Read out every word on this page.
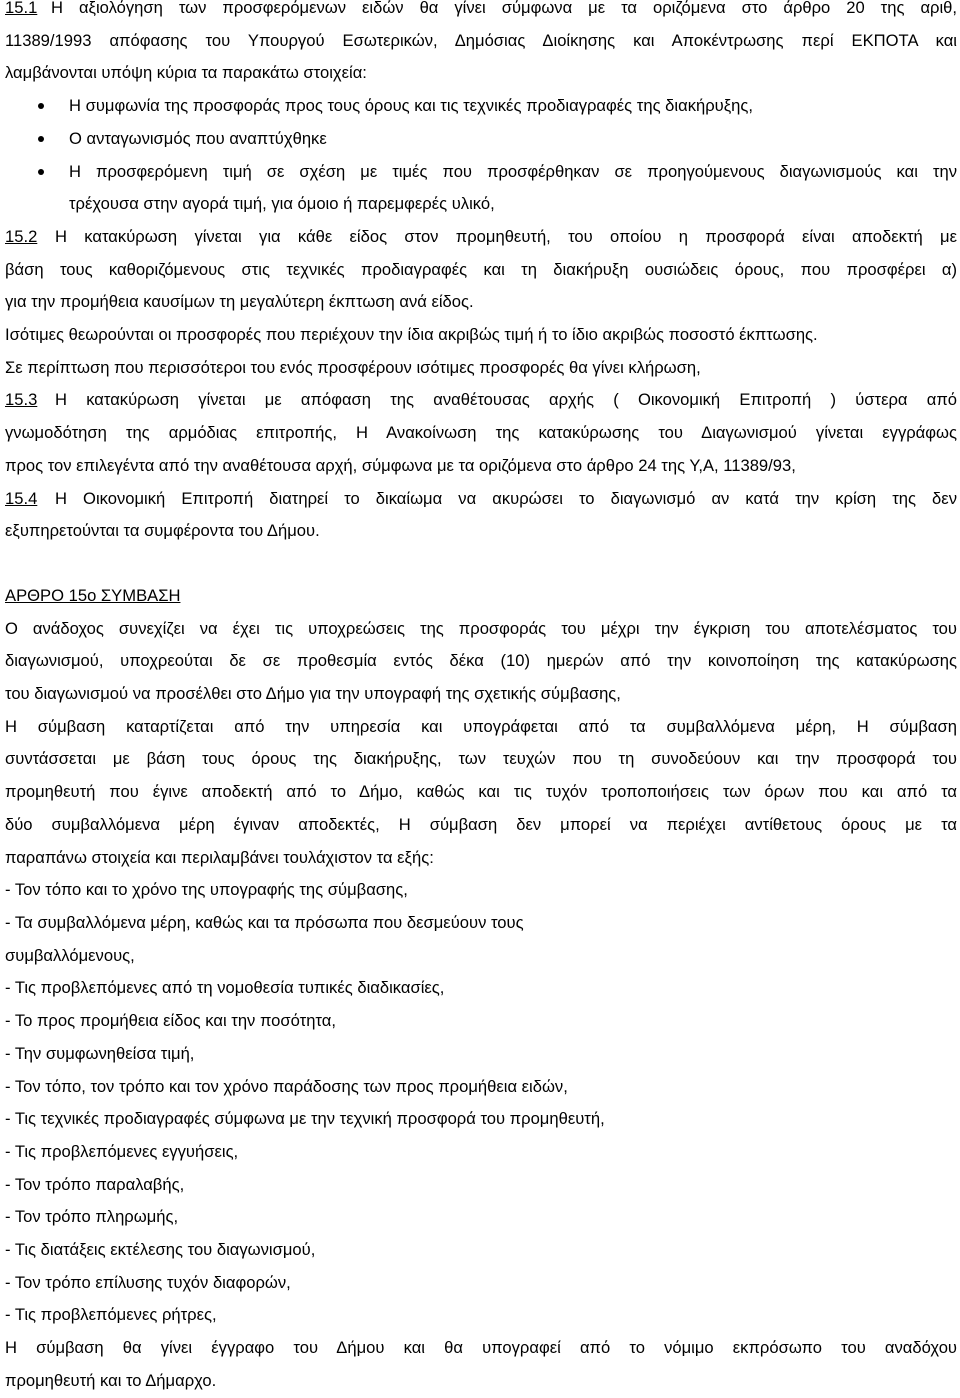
15.1 Η αξιολόγηση των προσφερόμενων ειδών θα γίνει σύμφωνα με τα οριζόμενα στο άρθρο 20 της αριθ,

11389/1993 απόφασης του Υπουργού Εσωτερικών, Δημόσιας Διοίκησης και Αποκέντρωσης περί ΕΚΠΟΤΑ και

λαμβάνονται υπόψη κύρια τα παρακάτω στοιχεία:

Η συμφωνία της προσφοράς προς τους όρους και τις τεχνικές προδιαγραφές της διακήρυξης,

Ο ανταγωνισμός που αναπτύχθηκε

Η προσφερόμενη τιμή σε σχέση με τιμές που προσφέρθηκαν σε προηγούμενους διαγωνισμούς και την

τρέχουσα στην αγορά τιμή, για όμοιο ή παρεμφερές υλικό,

15.2 Η κατακύρωση γίνεται για κάθε είδος στον προμηθευτή, του οποίου η προσφορά είναι αποδεκτή με

βάση τους καθοριζόμενους στις τεχνικές προδιαγραφές και τη διακήρυξη ουσιώδεις όρους, που προσφέρει α)

για την προμήθεια καυσίμων τη μεγαλύτερη έκπτωση ανά είδος.

Ισότιμες θεωρούνται οι προσφορές που περιέχουν την ίδια ακριβώς τιμή ή το ίδιο ακριβώς ποσοστό έκπτωσης.

Σε περίπτωση που περισσότεροι του ενός προσφέρουν ισότιμες προσφορές θα γίνει κλήρωση,

15.3 Η κατακύρωση γίνεται με απόφαση της αναθέτουσας αρχής ( Οικονομική Επιτροπή ) ύστερα από

γνωμοδότηση της αρμόδιας επιτροπής, Η Ανακοίνωση της κατακύρωσης του Διαγωνισμού γίνεται εγγράφως

προς τον επιλεγέντα από την αναθέτουσα αρχή, σύμφωνα με τα οριζόμενα στο άρθρο 24 της Υ,Α, 11389/93,

15.4 Η Οικονομική Επιτροπή διατηρεί το δικαίωμα να ακυρώσει το διαγωνισμό αν κατά την κρίση της δεν

εξυπηρετούνται τα συμφέροντα του Δήμου.

ΑΡΘΡΟ 15ο ΣΥΜΒΑΣΗ

Ο ανάδοχος συνεχίζει να έχει τις υποχρεώσεις της προσφοράς του μέχρι την έγκριση του αποτελέσματος του

διαγωνισμού, υποχρεούται δε σε προθεσμία εντός δέκα (10) ημερών από την κοινοποίηση της κατακύρωσης

του διαγωνισμού να προσέλθει στο Δήμο για την υπογραφή της σχετικής σύμβασης,

Η σύμβαση καταρτίζεται από την υπηρεσία και υπογράφεται από τα συμβαλλόμενα μέρη, Η σύμβαση

συντάσσεται με βάση τους όρους της διακήρυξης, των τευχών που τη συνοδεύουν και την προσφορά του

προμηθευτή που έγινε αποδεκτή από το Δήμο, καθώς και τις τυχόν τροποποιήσεις των όρων που και από τα

δύο συμβαλλόμενα μέρη έγιναν αποδεκτές, Η σύμβαση δεν μπορεί να περιέχει αντίθετους όρους με τα

παραπάνω στοιχεία και περιλαμβάνει τουλάχιστον τα εξής:

- Τον τόπο και το χρόνο της υπογραφής της σύμβασης,

- Τα συμβαλλόμενα μέρη, καθώς και τα πρόσωπα που δεσμεύουν τους

συμβαλλόμενους,

- Τις προβλεπόμενες από τη νομοθεσία τυπικές διαδικασίες,

- Το προς προμήθεια είδος και την ποσότητα,

- Την συμφωνηθείσα τιμή,

- Τον τόπο, τον τρόπο και τον χρόνο παράδοσης των προς προμήθεια ειδών,

- Τις τεχνικές προδιαγραφές σύμφωνα με την τεχνική προσφορά του προμηθευτή,

- Τις προβλεπόμενες εγγυήσεις,

- Τον τρόπο παραλαβής,

- Τον τρόπο πληρωμής,

- Τις διατάξεις εκτέλεσης του διαγωνισμού,

- Τον τρόπο επίλυσης τυχόν διαφορών,

- Τις προβλεπόμενες ρήτρες,

Η σύμβαση θα γίνει έγγραφο του Δήμου και θα υπογραφεί από το νόμιμο εκπρόσωπο του αναδόχου

προμηθευτή και το Δήμαρχο.
